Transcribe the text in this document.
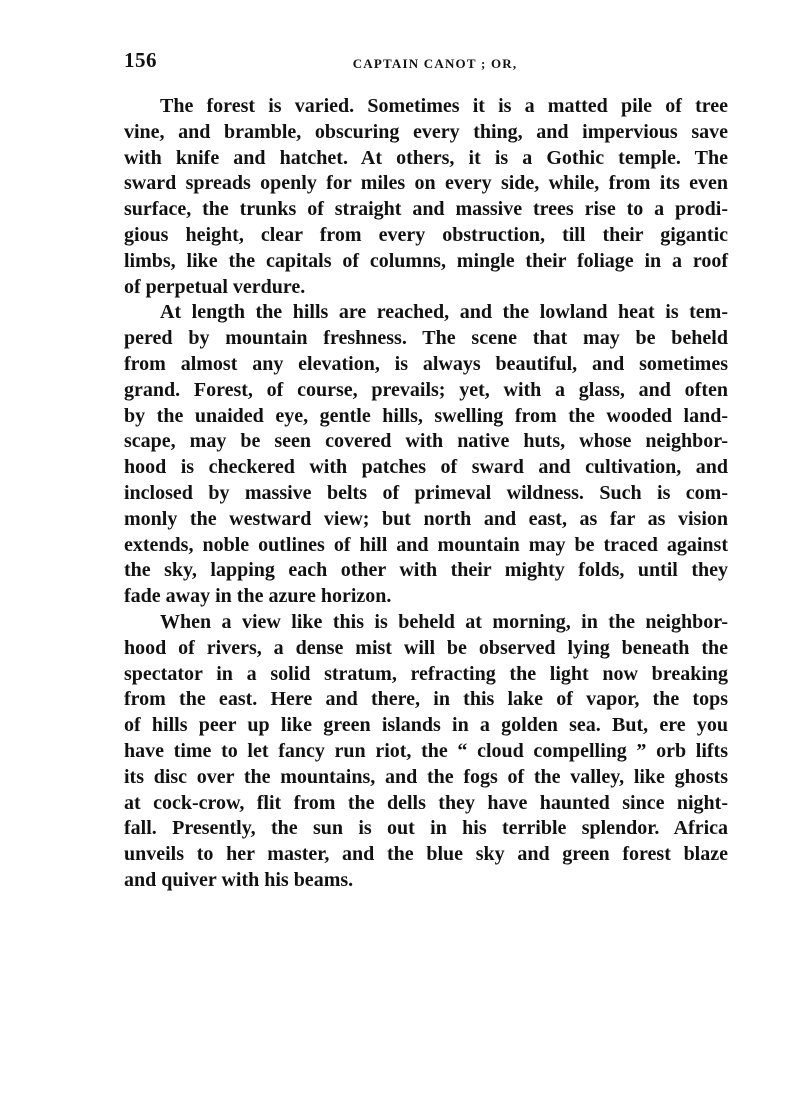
156	CAPTAIN CANOT ; OR,

The forest is varied. Sometimes it is a matted pile of tree
vine, and bramble, obscuring every thing, and impervious save
with knife and hatchet. At others, it is a Gothic temple. The
sward spreads openly for miles on every side, while, from its even
surface, the trunks of straight and massive trees rise to a prodi-
gious height, clear from every obstruction, till their gigantic
limbs, like the capitals of columns, mingle their foliage in a roof
of perpetual verdure.

At length the hills are reached, and the lowland heat is tem-
pered by mountain freshness. The scene that may be beheld
from almost any elevation, is always beautiful, and sometimes
grand. Forest, of course, prevails; yet, with a glass, and often
by the unaided eye, gentle hills, swelling from the wooded land-
scape, may be seen covered with native huts, whose neighbor-
hood is checkered with patches of sward and cultivation, and
inclosed by massive belts of primeval wildness. Such is com-
monly the westward view; but north and east, as far as vision
extends, noble outlines of hill and mountain may be traced against
the sky, lapping each other with their mighty folds, until they
fade away in the azure horizon.

When a view like this is beheld at morning, in the neighbor-
hood of rivers, a dense mist will be observed lying beneath the
spectator in a solid stratum, refracting the light now breaking
from the east. Here and there, in this lake of vapor, the tops
of hills peer up like green islands in a golden sea. But, ere you
have time to let fancy run riot, the “ cloud compelling ” orb lifts
its disc over the mountains, and the fogs of the valley, like ghosts
at cock-crow, flit from the dells they have haunted since night-
fall. Presently, the sun is out in his terrible splendor. Africa
unveils to her master, and the blue sky and green forest blaze
and quiver with his beams.
